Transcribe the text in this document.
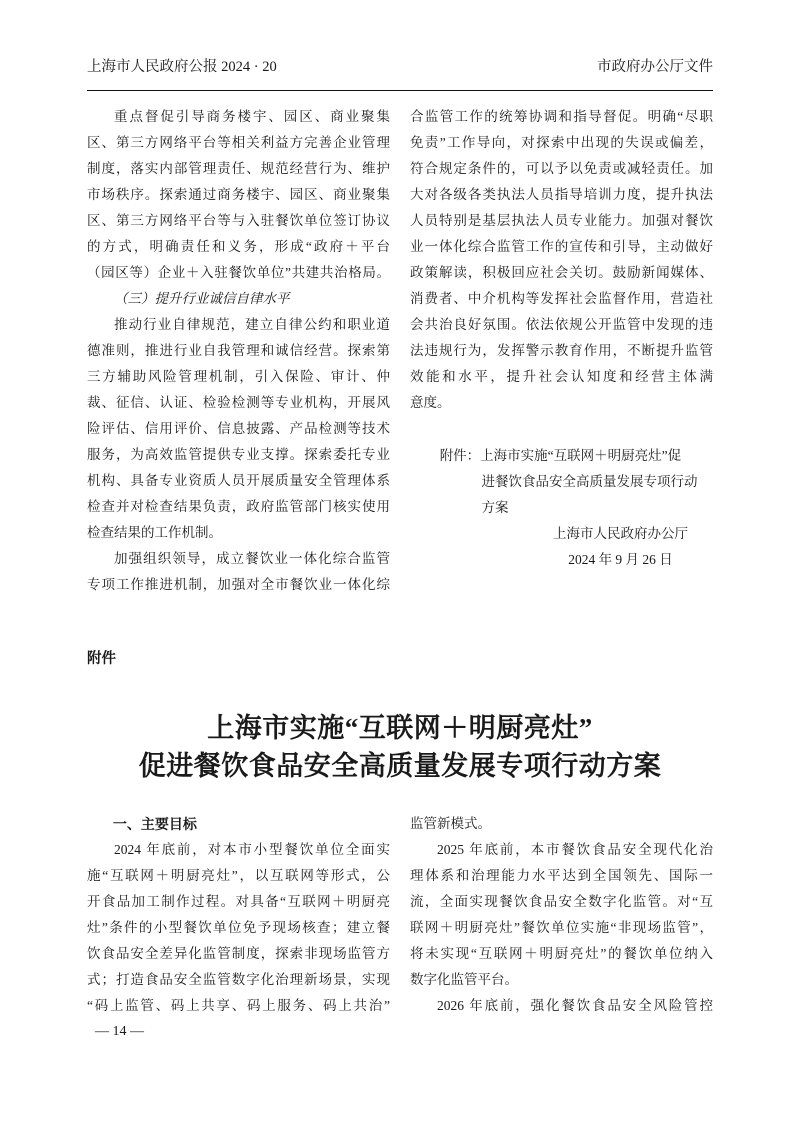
上海市人民政府公报 2024 · 20	市政府办公厅文件
重点督促引导商务楼宇、园区、商业聚集
区、第三方网络平台等相关利益方完善企业管理
制度，落实内部管理责任、规范经营行为、维护
市场秩序。探索通过商务楼宇、园区、商业聚集
区、第三方网络平台等与入驻餐饮单位签订协议
的方式，明确责任和义务，形成“政府＋平台
（园区等）企业＋入驻餐饮单位”共建共治格局。
（三）提升行业诚信自律水平
推动行业自律规范，建立自律公约和职业道
德准则，推进行业自我管理和诚信经营。探索第
三方辅助风险管理机制，引入保险、审计、仲
裁、征信、认证、检验检测等专业机构，开展风
险评估、信用评价、信息披露、产品检测等技术
服务，为高效监管提供专业支撑。探索委托专业
机构、具备专业资质人员开展质量安全管理体系
检查并对检查结果负责，政府监管部门核实使用
检查结果的工作机制。
加强组织领导，成立餐饮业一体化综合监管
专项工作推进机制，加强对全市餐饮业一体化综
合监管工作的统筹协调和指导督促。明确“尽职
免责”工作导向，对探索中出现的失误或偏差，
符合规定条件的，可以予以免责或减轻责任。加
大对各级各类执法人员指导培训力度，提升执法
人员特别是基层执法人员专业能力。加强对餐饮
业一体化综合监管工作的宣传和引导，主动做好
政策解读，积极回应社会关切。鼓励新闻媒体、
消费者、中介机构等发挥社会监督作用，营造社
会共治良好氛围。依法依规公开监管中发现的违
法违规行为，发挥警示教育作用，不断提升监管
效能和水平，提升社会认知度和经营主体满
意度。
附件：上海市实施“互联网＋明厨亮灶”促
进餐饮食品安全高质量发展专项行动
方案
上海市人民政府办公厅
2024 年 9 月 26 日
附件
上海市实施“互联网＋明厨亮灶”
促进餐饮食品安全高质量发展专项行动方案
一、主要目标
2024 年底前，对本市小型餐饮单位全面实
施“互联网＋明厨亮灶”，以互联网等形式，公
开食品加工制作过程。对具备“互联网＋明厨亮
灶”条件的小型餐饮单位免予现场核查；建立餐
饮食品安全差异化监管制度，探索非现场监管方
式；打造食品安全监管数字化治理新场景，实现
“码上监管、码上共享、码上服务、码上共治”
监管新模式。
2025 年底前，本市餐饮食品安全现代化治
理体系和治理能力水平达到全国领先、国际一
流，全面实现餐饮食品安全数字化监管。对“互
联网＋明厨亮灶”餐饮单位实施“非现场监管”，
将未实现“互联网＋明厨亮灶”的餐饮单位纳入
数字化监管平台。
2026 年底前，强化餐饮食品安全风险管控
— 14 —
